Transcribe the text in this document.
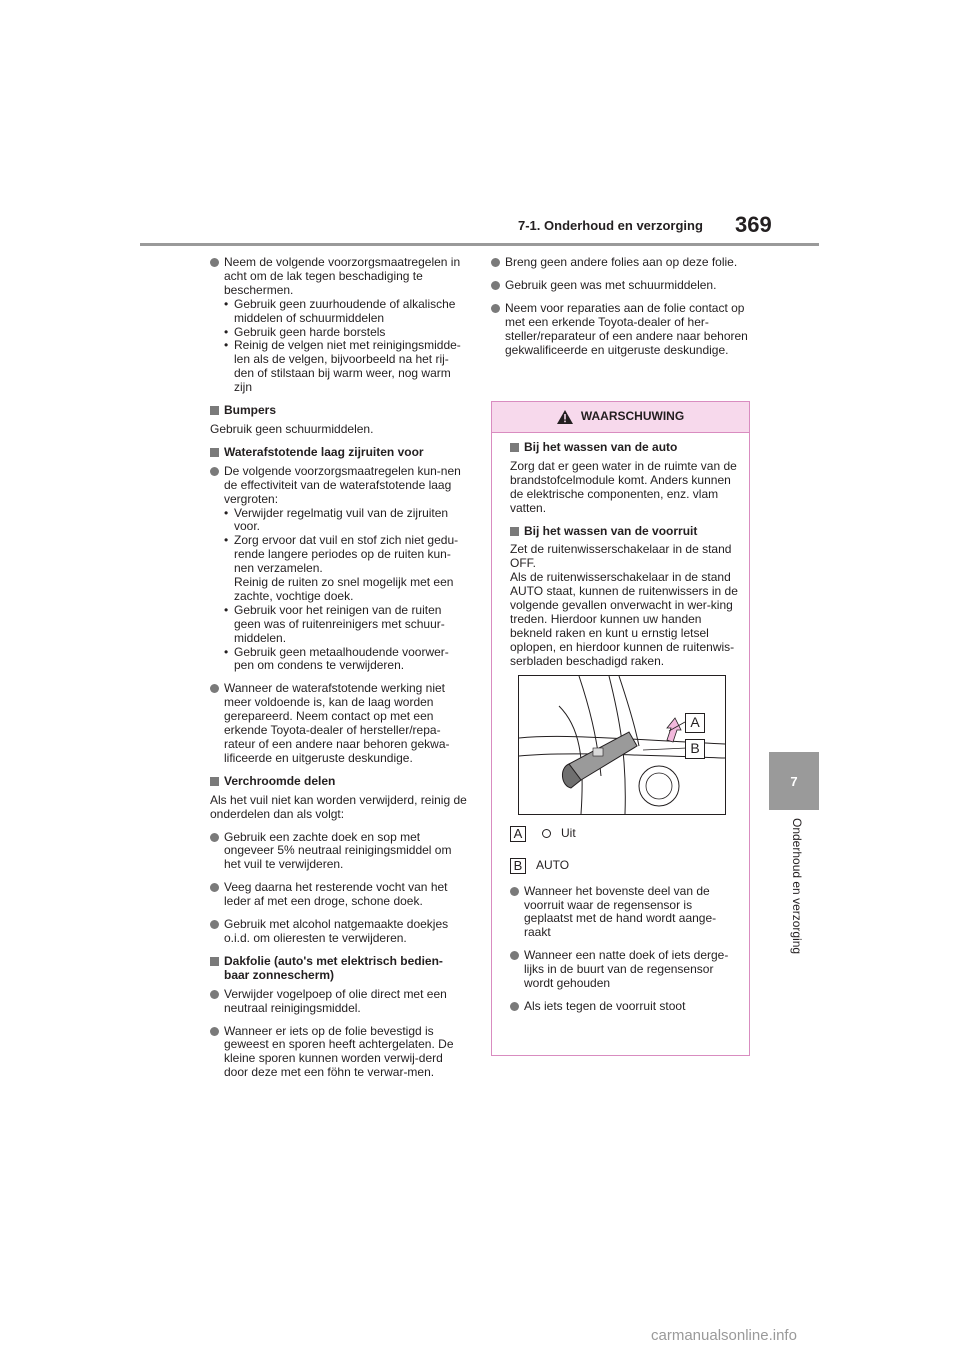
7-1. Onderhoud en verzorging 369
7
Onderhoud en verzorging
Neem de volgende voorzorgsmaatregelen in acht om de lak tegen beschadiging te beschermen.
• Gebruik geen zuurhoudende of alkalische middelen of schuurmiddelen
• Gebruik geen harde borstels
• Reinig de velgen niet met reinigingsmidde-len als de velgen, bijvoorbeeld na het rij-den of stilstaan bij warm weer, nog warm zijn
Bumpers
Gebruik geen schuurmiddelen.
Waterafstotende laag zijruiten voor
De volgende voorzorgsmaatregelen kun-nen de effectiviteit van de waterafstotende laag vergroten:
• Verwijder regelmatig vuil van de zijruiten voor.
• Zorg ervoor dat vuil en stof zich niet gedu-rende langere periodes op de ruiten kun-nen verzamelen.
Reinig de ruiten zo snel mogelijk met een zachte, vochtige doek.
• Gebruik voor het reinigen van de ruiten geen was of ruitenreinigers met schuur-middelen.
• Gebruik geen metaalhoudende voorwer-pen om condens te verwijderen.
Wanneer de waterafstotende werking niet meer voldoende is, kan de laag worden gerepareerd. Neem contact op met een erkende Toyota-dealer of hersteller/repa-rateur of een andere naar behoren gekwa-lificeerde en uitgeruste deskundige.
Verchroomde delen
Als het vuil niet kan worden verwijderd, reinig de onderdelen dan als volgt:
Gebruik een zachte doek en sop met ongeveer 5% neutraal reinigingsmiddel om het vuil te verwijderen.
Veeg daarna het resterende vocht van het leder af met een droge, schone doek.
Gebruik met alcohol natgemaakte doekjes o.i.d. om olieresten te verwijderen.
Dakfolie (auto's met elektrisch bedien-baar zonnescherm)
Verwijder vogelpoep of olie direct met een neutraal reinigingsmiddel.
Wanneer er iets op de folie bevestigd is geweest en sporen heeft achtergelaten. De kleine sporen kunnen worden verwij-derd door deze met een föhn te verwar-men.
Breng geen andere folies aan op deze folie.
Gebruik geen was met schuurmiddelen.
Neem voor reparaties aan de folie contact op met een erkende Toyota-dealer of her-steller/reparateur of een andere naar behoren gekwalificeerde en uitgeruste deskundige.
WAARSCHUWING
Bij het wassen van de auto
Zorg dat er geen water in de ruimte van de brandstofcelmodule komt. Anders kunnen de elektrische componenten, enz. vlam vatten.
Bij het wassen van de voorruit
Zet de ruitenwisserschakelaar in de stand OFF.
Als de ruitenwisserschakelaar in de stand AUTO staat, kunnen de ruitenwissers in de volgende gevallen onverwacht in wer-king treden. Hierdoor kunnen uw handen bekneld raken en kunt u ernstig letsel oplopen, en hierdoor kunnen de ruitenwis-serbladen beschadigd raken.
A
B
A	Uit
B	AUTO
Wanneer het bovenste deel van de voorruit waar de regensensor is geplaatst met de hand wordt aange-raakt
Wanneer een natte doek of iets derge-lijks in de buurt van de regensensor wordt gehouden
Als iets tegen de voorruit stoot
carmanualsonline.info
